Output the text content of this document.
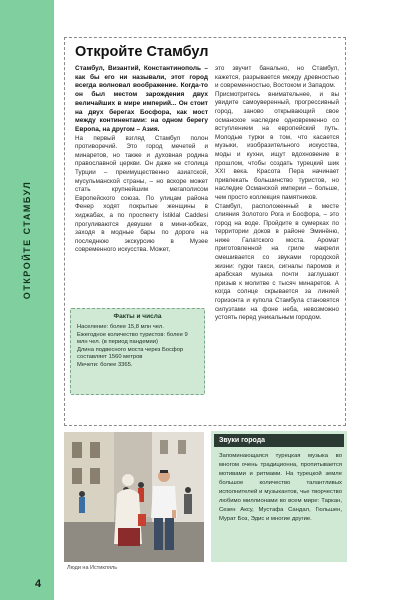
ОТКРОЙТЕ СТАМБУЛ
4
Откройте Стамбул

Стамбул, Византий, Константинополь – как бы его ни называли, этот город всегда волновал воображение. Когда-то он был местом зарождения двух величайших в мире империй... Он стоит на двух берегах Босфора, как мост между континентами: на одном берегу Европа, на другом – Азия.

На первый взгляд Стамбул полон противоречий. Это город мечетей и минаретов, но также и духовная родина православной церкви. Он даже не столица Турции – преимущественно азиатской, мусульманской страны, – но вскоре может стать крупнейшим мегаполисом Европейского союза. По улицам района Фенер ходят покрытые женщины в хиджабах, а по проспекту İstiklal Caddesi прогуливаются девушки в мини-юбках, заходя в модные бары по дороге на последнюю экскурсию в Музее современного искусства. Может,

это звучит банально, но Стамбул, кажется, разрывается между древностью и современностью, Востоком и Западом.

Присмотритесь внимательнее, и вы увидите самоуверенный, прогрессивный город, заново открывающий свое османское наследие одновременно со вступлением на европейский путь. Молодые турки в том, что касается музыки, изобразительного искусства, моды и кухни, ищут вдохновение в прошлом, чтобы создать турецкий шик XXI века. Красота Пера начинает привлекать большинство туристов, но наследие Османской империи – больше, чем просто коллекция памятников.

Стамбул, расположенный в месте слияния Золотого Рога и Босфора, – это город на воде. Пройдите в сумерках по территории доков в районе Эминёню, ниже Галатского моста. Аромат приготовленной на гриле макрели смешивается со звуками городской жизни: гудки такси, сигналы паромов и арабская музыка почти заглушают призыв к молитве с тысяч минаретов. А когда солнце скрывается за линией горизонта и купола Стамбула становятся силуэтами на фоне неба, невозможно устоять перед уникальным городом.

Факты и числа
Население: более 15,8 млн чел.
Ежегодное количество туристов: более 9 млн чел. (в период пандемии)
Длина подвесного моста через Босфор составляет 1560 метров
Мечети: более 3365.
Люди на Истикляль
Звуки города

Запоминающаяся турецкая музыка во многом очень традиционна, пропитывается мотивами и ритмами. На турецкой земле большое количество талантливых исполнителей и музыкантов, чье творчество любимо миллионами во всем мире: Таркан, Сезен Аксу, Мустафа Сандал, Гюльшен, Мурат Боз, Эдис и многие другие.
